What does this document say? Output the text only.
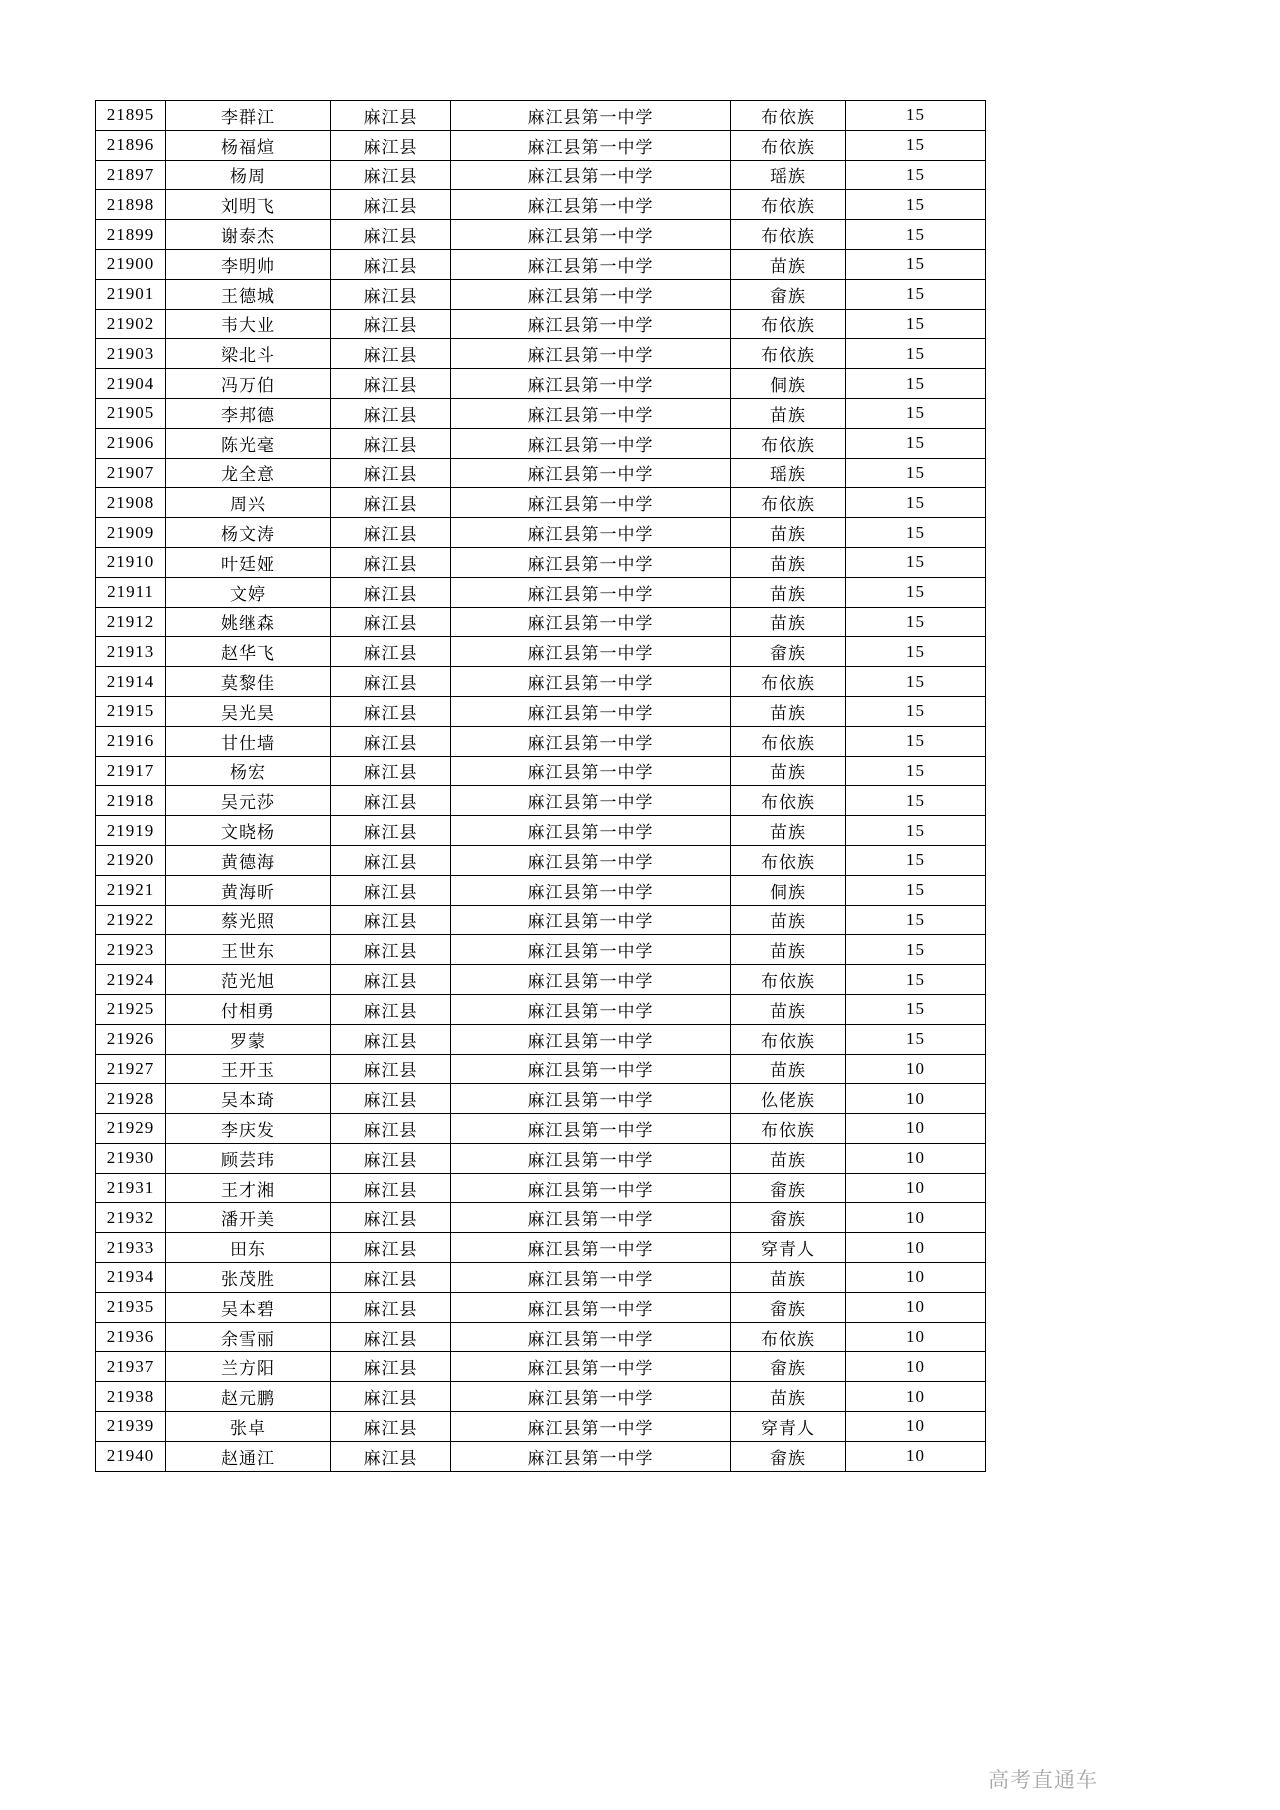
21895	李群江	麻江县	麻江县第一中学	布依族	15
21896	杨福煊	麻江县	麻江县第一中学	布依族	15
21897	杨周	麻江县	麻江县第一中学	瑶族	15
21898	刘明飞	麻江县	麻江县第一中学	布依族	15
21899	谢泰杰	麻江县	麻江县第一中学	布依族	15
21900	李明帅	麻江县	麻江县第一中学	苗族	15
21901	王德城	麻江县	麻江县第一中学	畲族	15
21902	韦大业	麻江县	麻江县第一中学	布依族	15
21903	梁北斗	麻江县	麻江县第一中学	布依族	15
21904	冯万伯	麻江县	麻江县第一中学	侗族	15
21905	李邦德	麻江县	麻江县第一中学	苗族	15
21906	陈光毫	麻江县	麻江县第一中学	布依族	15
21907	龙全意	麻江县	麻江县第一中学	瑶族	15
21908	周兴	麻江县	麻江县第一中学	布依族	15
21909	杨文涛	麻江县	麻江县第一中学	苗族	15
21910	叶廷娅	麻江县	麻江县第一中学	苗族	15
21911	文婷	麻江县	麻江县第一中学	苗族	15
21912	姚继森	麻江县	麻江县第一中学	苗族	15
21913	赵华飞	麻江县	麻江县第一中学	畲族	15
21914	莫黎佳	麻江县	麻江县第一中学	布依族	15
21915	吴光昊	麻江县	麻江县第一中学	苗族	15
21916	甘仕墙	麻江县	麻江县第一中学	布依族	15
21917	杨宏	麻江县	麻江县第一中学	苗族	15
21918	吴元莎	麻江县	麻江县第一中学	布依族	15
21919	文晓杨	麻江县	麻江县第一中学	苗族	15
21920	黄德海	麻江县	麻江县第一中学	布依族	15
21921	黄海昕	麻江县	麻江县第一中学	侗族	15
21922	蔡光照	麻江县	麻江县第一中学	苗族	15
21923	王世东	麻江县	麻江县第一中学	苗族	15
21924	范光旭	麻江县	麻江县第一中学	布依族	15
21925	付相勇	麻江县	麻江县第一中学	苗族	15
21926	罗蒙	麻江县	麻江县第一中学	布依族	15
21927	王开玉	麻江县	麻江县第一中学	苗族	10
21928	吴本琦	麻江县	麻江县第一中学	仫佬族	10
21929	李庆发	麻江县	麻江县第一中学	布依族	10
21930	顾芸玮	麻江县	麻江县第一中学	苗族	10
21931	王才湘	麻江县	麻江县第一中学	畲族	10
21932	潘开美	麻江县	麻江县第一中学	畲族	10
21933	田东	麻江县	麻江县第一中学	穿青人	10
21934	张茂胜	麻江县	麻江县第一中学	苗族	10
21935	吴本碧	麻江县	麻江县第一中学	畲族	10
21936	余雪丽	麻江县	麻江县第一中学	布依族	10
21937	兰方阳	麻江县	麻江县第一中学	畲族	10
21938	赵元鹏	麻江县	麻江县第一中学	苗族	10
21939	张卓	麻江县	麻江县第一中学	穿青人	10
21940	赵通江	麻江县	麻江县第一中学	畲族	10
高考直通车
